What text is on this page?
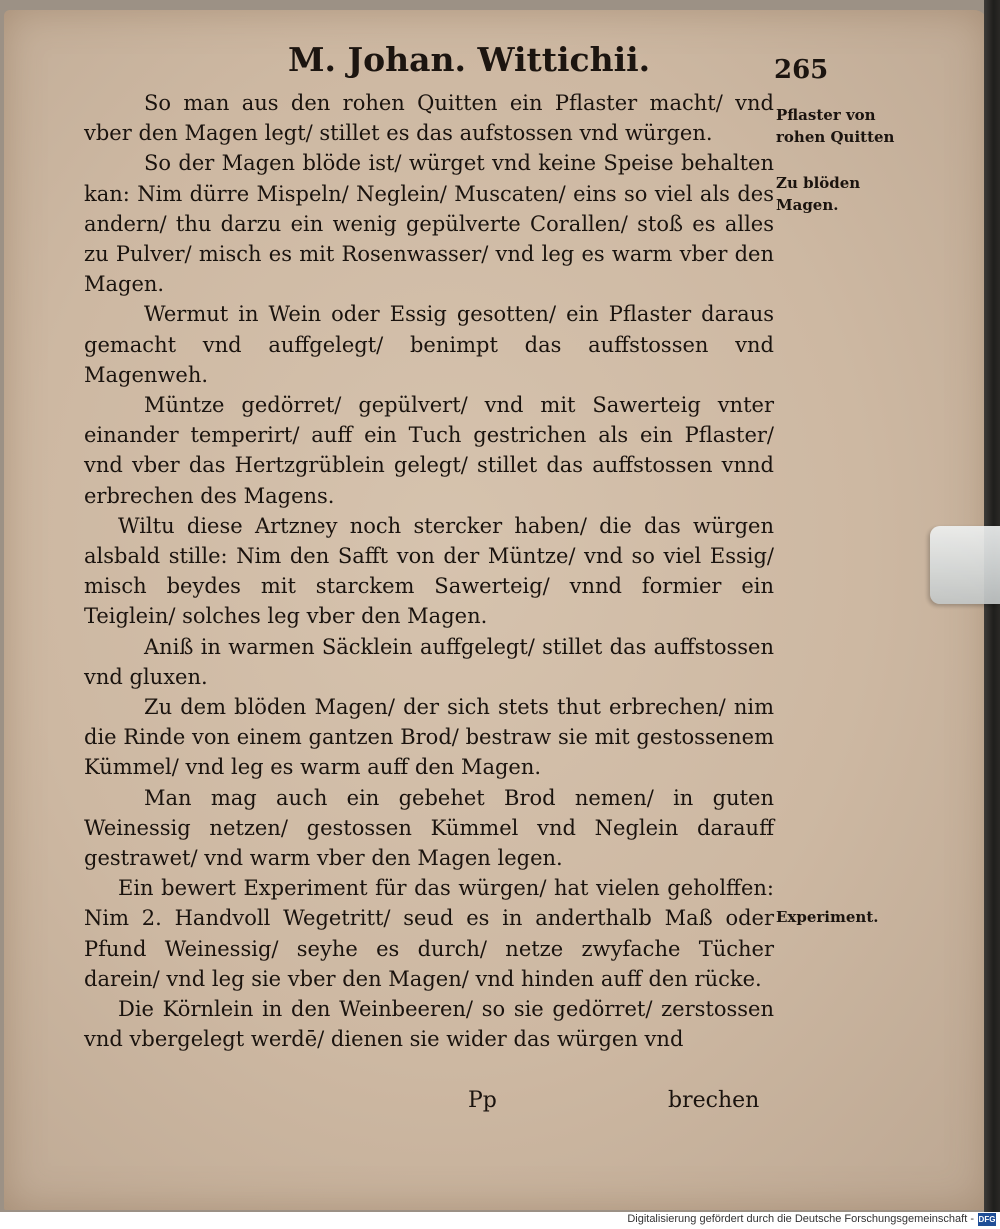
M. Johan. Wittichii.	265

So man aus den rohen Quitten ein Pflaster macht/ vnd vber den Magen legt/ stillet es das aufstossen vnd würgen.

So der Magen blöde ist/ würget vnd keine Speise behalten kan: Nim dürre Mispeln/ Neglein/ Muscaten/ eins so viel als des andern/ thu darzu ein wenig gepülverte Corallen/ stoß es alles zu Pulver/ misch es mit Rosenwasser/ vnd leg es warm vber den Magen.

Wermut in Wein oder Essig gesotten/ ein Pflaster daraus gemacht vnd auffgelegt/ benimpt das auffstossen vnd Magenweh.

Müntze gedörret/ gepülvert/ vnd mit Sawerteig vnter einander temperirt/ auff ein Tuch gestrichen als ein Pflaster/ vnd vber das Hertzgrüblein gelegt/ stillet das auffstossen vnnd erbrechen des Magens.

Wiltu diese Artzney noch stercker haben/ die das würgen alsbald stille: Nim den Safft von der Müntze/ vnd so viel Essig/ misch beydes mit starckem Sawerteig/ vnnd formier ein Teiglein/ solches leg vber den Magen.

Aniß in warmen Säcklein auffgelegt/ stillet das auffstossen vnd gluxen.

Zu dem blöden Magen/ der sich stets thut erbrechen/ nim die Rinde von einem gantzen Brod/ bestraw sie mit gestossenem Kümmel/ vnd leg es warm auff den Magen.

Man mag auch ein gebehet Brod nemen/ in guten Weinessig netzen/ gestossen Kümmel vnd Neglein darauff gestrawet/ vnd warm vber den Magen legen.

Ein bewert Experiment für das würgen/ hat vielen geholffen: Nim 2. Handvoll Wegetritt/ seud es in anderthalb Maß oder Pfund Weinessig/ seyhe es durch/ netze zwyfache Tücher darein/ vnd leg sie vber den Magen/ vnd hinden auff den rücke.

Die Körnlein in den Weinbeeren/ so sie gedörret/ zerstossen vnd vbergelegt werdē/ dienen sie wider das würgen vnd

Pflaster von rohen Quitten
Zu blöden Magen.
Experiment.
Pp	brechen
Digitalisierung gefördert durch die Deutsche Forschungsgemeinschaft - DFG
